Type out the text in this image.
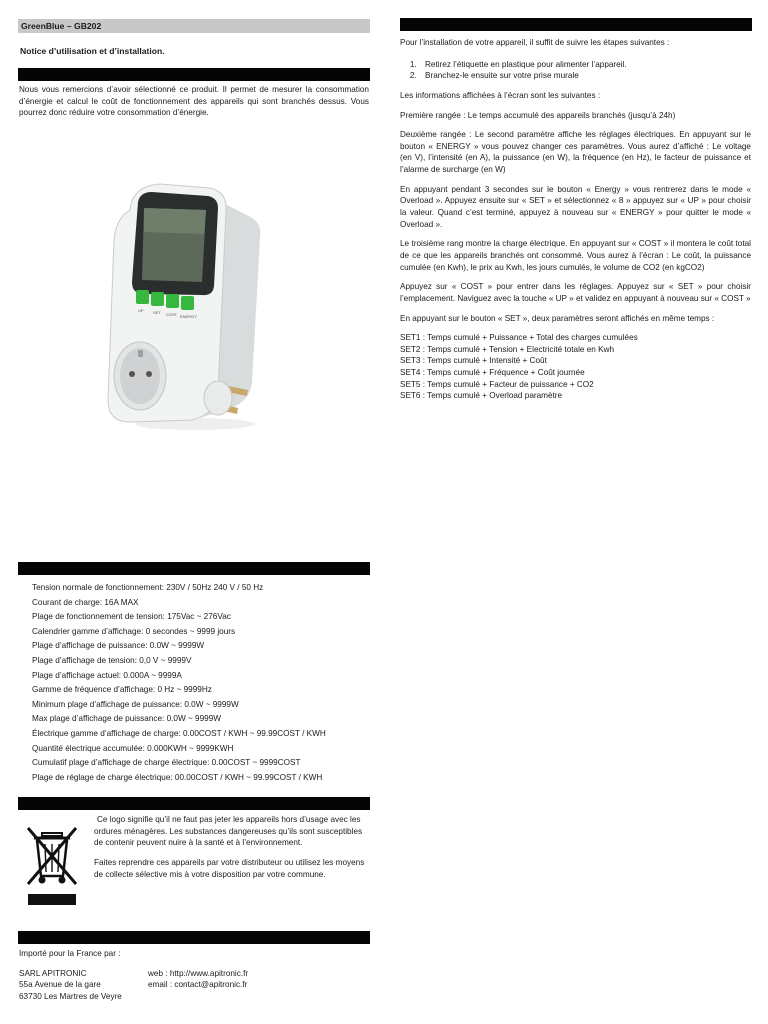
GreenBlue – GB202
Notice d’utilisation et d’installation.

Nous vous remercions d’avoir sélectionné ce produit. Il permet de mesurer la consommation d’énergie et calcul le coût de fonctionnement des appareils qui sont branchés dessus. Vous pourrez donc réduire votre consommation d’énergie.

UP SET COST ENERGY
Tension normale de fonctionnement: 230V / 50Hz 240 V / 50 Hz
Courant de charge: 16A MAX
Plage de fonctionnement de tension: 175Vac ~ 276Vac
Calendrier gamme d’affichage: 0 secondes ~ 9999 jours
Plage d’affichage de puissance: 0.0W ~ 9999W
Plage d’affichage de tension: 0,0 V ~ 9999V
Plage d’affichage actuel: 0.000A ~ 9999A
Gamme de fréquence d’affichage: 0 Hz ~ 9999Hz
Minimum plage d’affichage de puissance: 0.0W ~ 9999W
Max plage d’affichage de puissance: 0.0W ~ 9999W
Électrique gamme d’affichage de charge: 0.00COST / KWH ~ 99.99COST / KWH
Quantité électrique accumulée: 0.000KWH ~ 9999KWH
Cumulatif plage d’affichage de charge électrique: 0.00COST ~ 9999COST
Plage de réglage de charge électrique: 00.00COST / KWH ~ 99.99COST / KWH

Ce logo signifie qu’il ne faut pas jeter les appareils hors d’usage avec les ordures ménagères. Les substances dangereuses qu’ils sont susceptibles de contenir peuvent nuire à la santé et à l’environnement.

Faites reprendre ces appareils par votre distributeur ou utilisez les moyens de collecte sélective mis à votre disposition par votre commune.

Importé pour la France par :
SARL APITRONIC
55a Avenue de la gare
63730 Les Martres de Veyre
web : http://www.apitronic.fr
email : contact@apitronic.fr

Pour l’installation de votre appareil, il suffit de suivre les étapes suivantes :

1. Retirez l’étiquette en plastique pour alimenter l’appareil.
2. Branchez-le ensuite sur votre prise murale

Les informations affichées à l’écran sont les suivantes :

Première rangée : Le temps accumulé des appareils branchés (jusqu’à 24h)

Deuxième rangée : Le second paramètre affiche les réglages électriques. En appuyant sur le bouton « ENERGY » vous pouvez changer ces paramètres. Vous aurez d’affiché : Le voltage (en V), l’intensité (en A), la puissance (en W), la fréquence (en Hz), le facteur de puissance et l’alarme de surcharge (en W)

En appuyant pendant 3 secondes sur le bouton « Energy » vous rentrerez dans le mode « Overload ». Appuyez ensuite sur « SET » et sélectionnez « 8 » appuyez sur « UP » pour choisir la valeur. Quand c’est terminé, appuyez à nouveau sur « ENERGY » pour quitter le mode « Overload ».

Le troisième rang montre la charge électrique. En appuyant sur « COST » il montera le coût total de ce que les appareils branchés ont consommé. Vous aurez à l’écran : Le coût, la puissance cumulée (en Kwh), le prix au Kwh, les jours cumulés, le volume de CO2 (en kgCO2)

Appuyez sur « COST » pour entrer dans les réglages. Appuyez sur « SET » pour choisir l’emplacement. Naviguez avec la touche « UP » et validez en appuyant à nouveau sur « COST »

En appuyant sur le bouton « SET », deux paramètres seront affichés en même temps :

SET1 : Temps cumulé + Puissance + Total des charges cumulées
SET2 : Temps cumulé + Tension + Electricité totale en Kwh
SET3 : Temps cumulé + Intensité + Coût
SET4 : Temps cumulé + Fréquence + Coût journée
SET5 : Temps cumulé + Facteur de puissance + CO2
SET6 : Temps cumulé + Overload paramètre
